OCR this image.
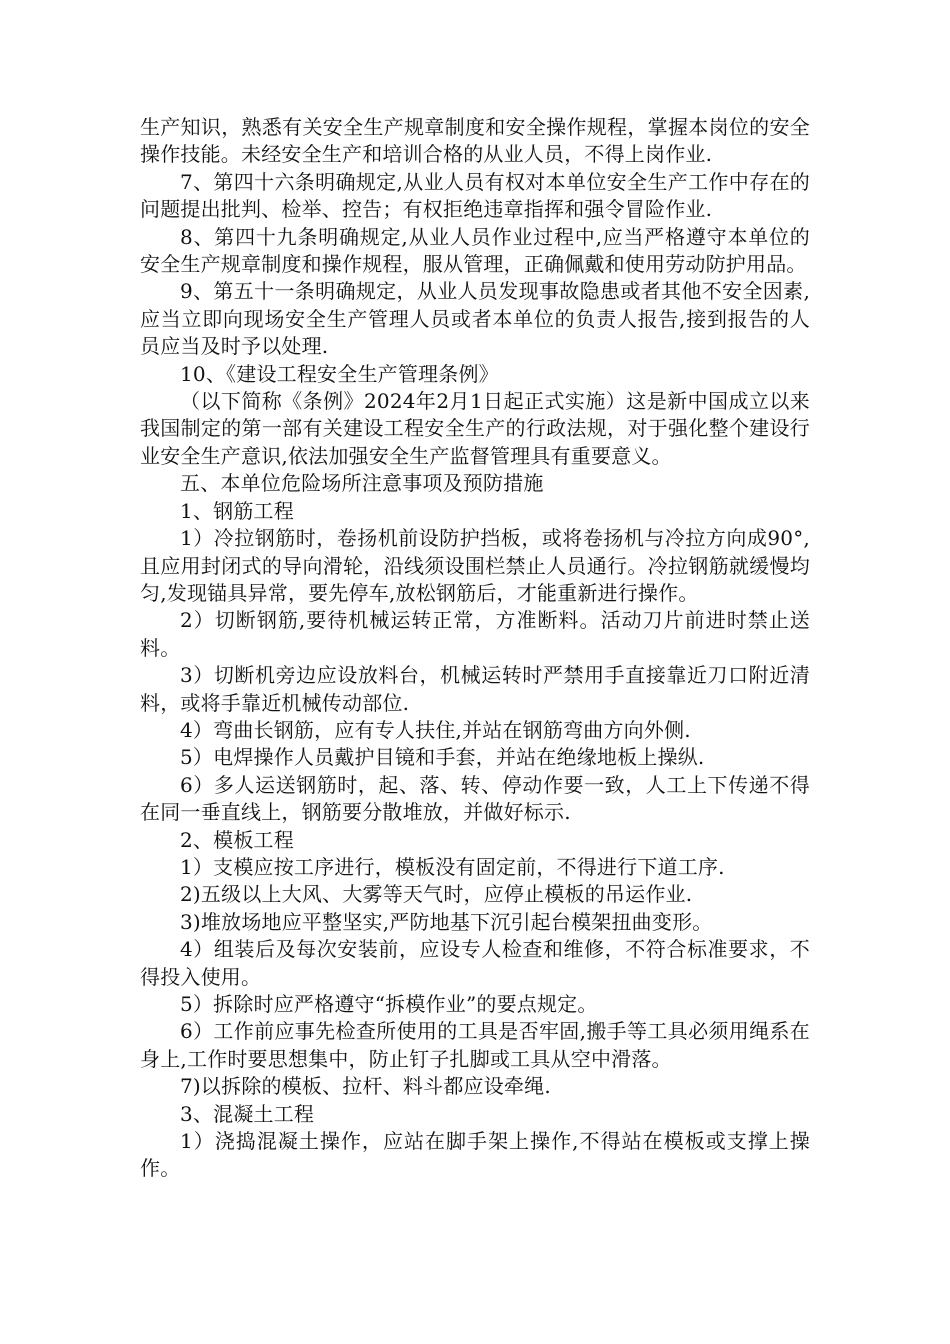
生产知识，熟悉有关安全生产规章制度和安全操作规程，掌握本岗位的安全操作技能。未经安全生产和培训合格的从业人员，不得上岗作业.

7、第四十六条明确规定,从业人员有权对本单位安全生产工作中存在的问题提出批判、检举、控告；有权拒绝违章指挥和强令冒险作业.

8、第四十九条明确规定,从业人员作业过程中,应当严格遵守本单位的安全生产规章制度和操作规程，服从管理，正确佩戴和使用劳动防护用品。

9、第五十一条明确规定，从业人员发现事故隐患或者其他不安全因素,应当立即向现场安全生产管理人员或者本单位的负责人报告,接到报告的人员应当及时予以处理.

10、《建设工程安全生产管理条例》

（以下简称《条例》2024年2月1日起正式实施）这是新中国成立以来我国制定的第一部有关建设工程安全生产的行政法规，对于强化整个建设行业安全生产意识,依法加强安全生产监督管理具有重要意义。

五、本单位危险场所注意事项及预防措施

1、钢筋工程

1）冷拉钢筋时，卷扬机前设防护挡板，或将卷扬机与冷拉方向成90°,且应用封闭式的导向滑轮，沿线须设围栏禁止人员通行。冷拉钢筋就缓慢均匀,发现锚具异常，要先停车,放松钢筋后，才能重新进行操作。

2）切断钢筋,要待机械运转正常，方准断料。活动刀片前进时禁止送料。

3）切断机旁边应设放料台，机械运转时严禁用手直接靠近刀口附近清料，或将手靠近机械传动部位.

4）弯曲长钢筋，应有专人扶住,并站在钢筋弯曲方向外侧.

5）电焊操作人员戴护目镜和手套，并站在绝缘地板上操纵.

6）多人运送钢筋时，起、落、转、停动作要一致，人工上下传递不得在同一垂直线上，钢筋要分散堆放，并做好标示.

2、模板工程

1）支模应按工序进行，模板没有固定前，不得进行下道工序.

2)五级以上大风、大雾等天气时，应停止模板的吊运作业.

3)堆放场地应平整坚实,严防地基下沉引起台模架扭曲变形。

4）组装后及每次安装前，应设专人检查和维修，不符合标准要求，不得投入使用。

5）拆除时应严格遵守“拆模作业”的要点规定。

6）工作前应事先检查所使用的工具是否牢固,搬手等工具必须用绳系在身上,工作时要思想集中，防止钉子扎脚或工具从空中滑落。

7)以拆除的模板、拉杆、料斗都应设牵绳.

3、混凝土工程

1）浇捣混凝土操作，应站在脚手架上操作,不得站在模板或支撑上操作。
